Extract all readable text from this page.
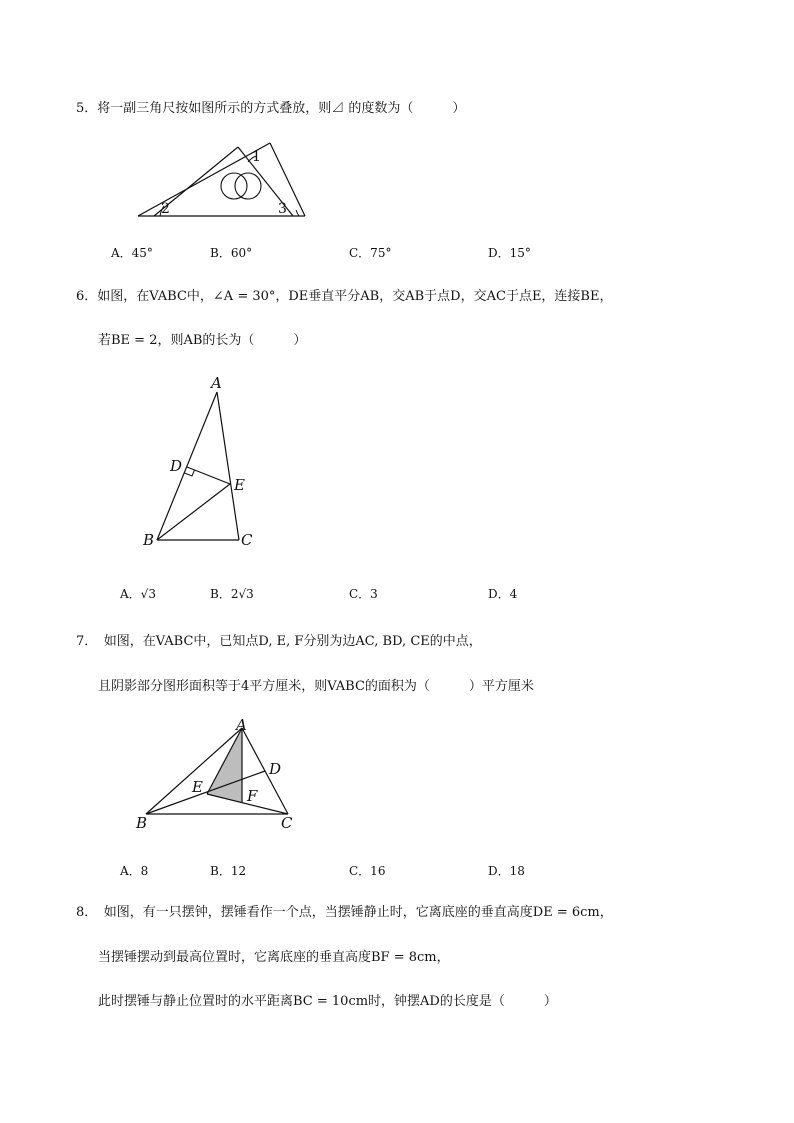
5．将一副三角尺按如图所示的方式叠放，则⊿ 的度数为（　　　）
1
2	3
A．45°	B．60°	C．75°	D．15°
6．如图，在VABC中，∠A = 30°，DE垂直平分AB，交AB于点D，交AC于点E，连接BE，
若BE = 2，则AB的长为（　　　）
A
D
E
B	C
A．√3	B．2√3	C．3	D．4
7．　如图，在VABC中，已知点D, E, F分别为边AC, BD, CE的中点，
且阴影部分图形面积等于4平方厘米，则VABC的面积为（　　　）平方厘米
A
D
E	F
B	C
A．8	B．12	C．16	D．18
8．　如图，有一只摆钟，摆锤看作一个点，当摆锤静止时，它离底座的垂直高度DE = 6cm，
当摆锤摆动到最高位置时，它离底座的垂直高度BF = 8cm，
此时摆锤与静止位置时的水平距离BC = 10cm时，钟摆AD的长度是（　　　）
